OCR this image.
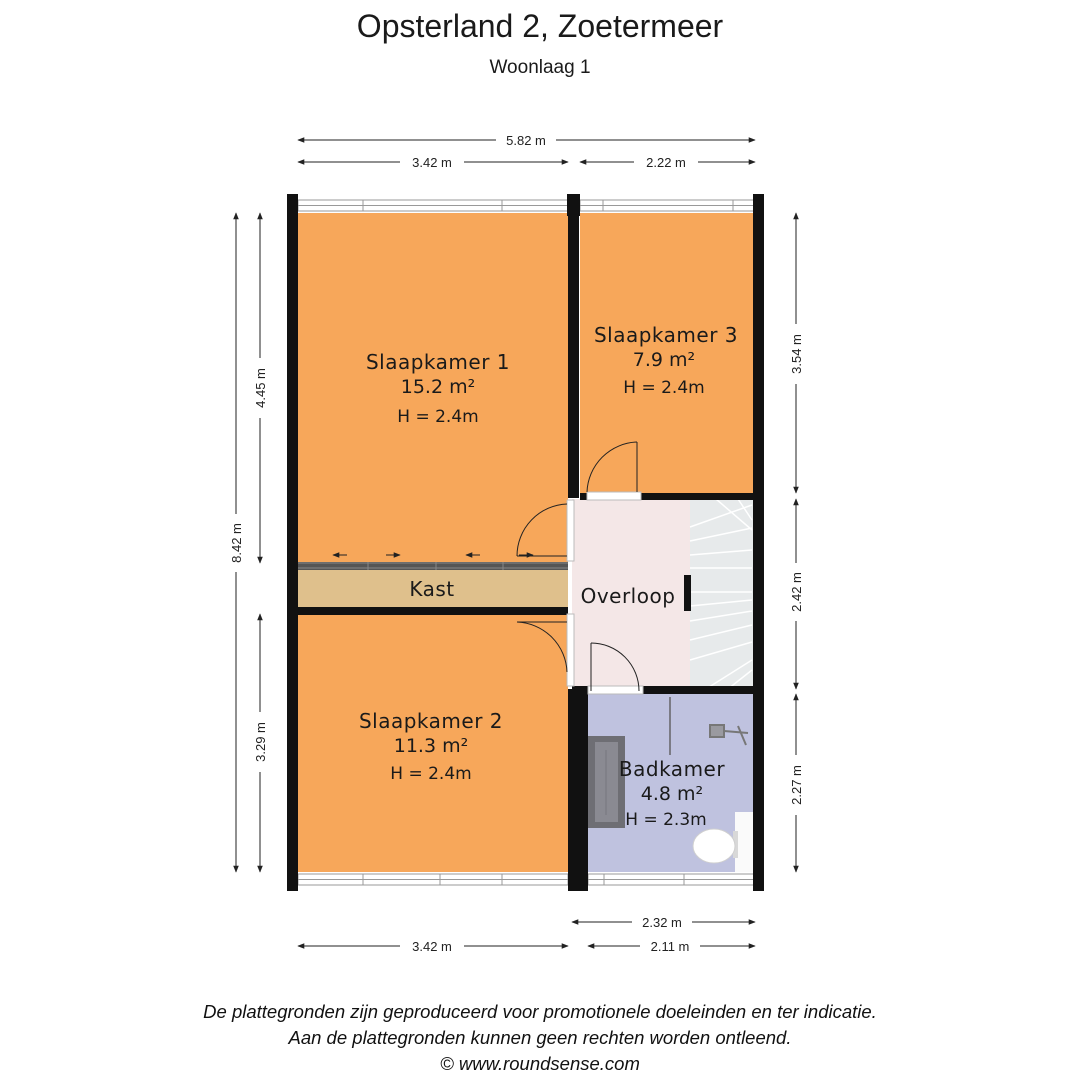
Opsterland 2, Zoetermeer
Woonlaag 1
5.82 m
3.42 m	2.22 m
8.42 m
4.45 m
3.29 m
3.54 m
2.42 m
2.27 m
2.32 m
3.42 m	2.11 m
Slaapkamer 1
15.2 m²
H = 2.4m
Slaapkamer 3
7.9 m²
H = 2.4m
Kast	Overloop
Slaapkamer 2
11.3 m²
H = 2.4m	Badkamer
4.8 m²
H = 2.3m
De plattegronden zijn geproduceerd voor promotionele doeleinden en ter indicatie.
Aan de plattegronden kunnen geen rechten worden ontleend.
© www.roundsense.com
